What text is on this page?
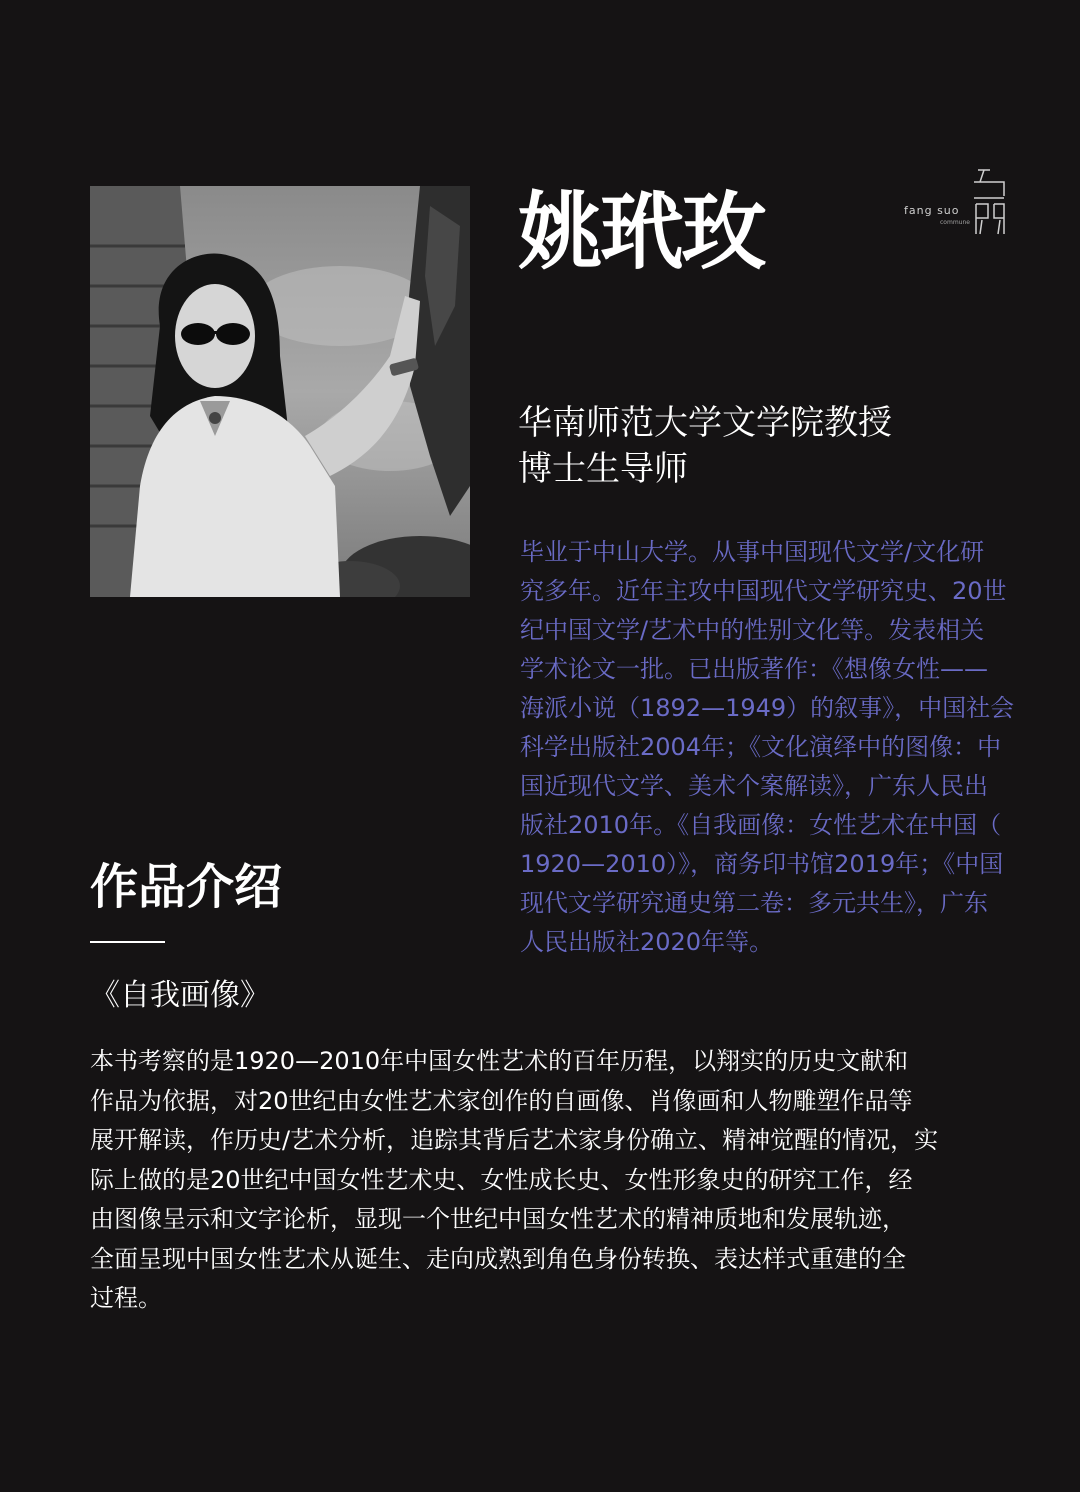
fang suo
commune
姚玳玫
华南师范大学文学院教授
博士生导师
毕业于中山大学。从事中国现代文学/文化研
究多年。近年主攻中国现代文学研究史、20世
纪中国文学/艺术中的性别文化等。发表相关
学术论文一批。已出版著作：《想像女性——
海派小说（1892—1949）的叙事》，中国社会
科学出版社2004年；《文化演绎中的图像：中
国近现代文学、美术个案解读》，广东人民出
版社2010年。《自我画像：女性艺术在中国（
1920—2010）》，商务印书馆2019年；《中国
现代文学研究通史第二卷：多元共生》，广东
人民出版社2020年等。
作品介绍
《自我画像》
本书考察的是1920—2010年中国女性艺术的百年历程，以翔实的历史文献和
作品为依据，对20世纪由女性艺术家创作的自画像、肖像画和人物雕塑作品等
展开解读，作历史/艺术分析，追踪其背后艺术家身份确立、精神觉醒的情况，实
际上做的是20世纪中国女性艺术史、女性成长史、女性形象史的研究工作，经
由图像呈示和文字论析，显现一个世纪中国女性艺术的精神质地和发展轨迹，
全面呈现中国女性艺术从诞生、走向成熟到角色身份转换、表达样式重建的全
过程。
